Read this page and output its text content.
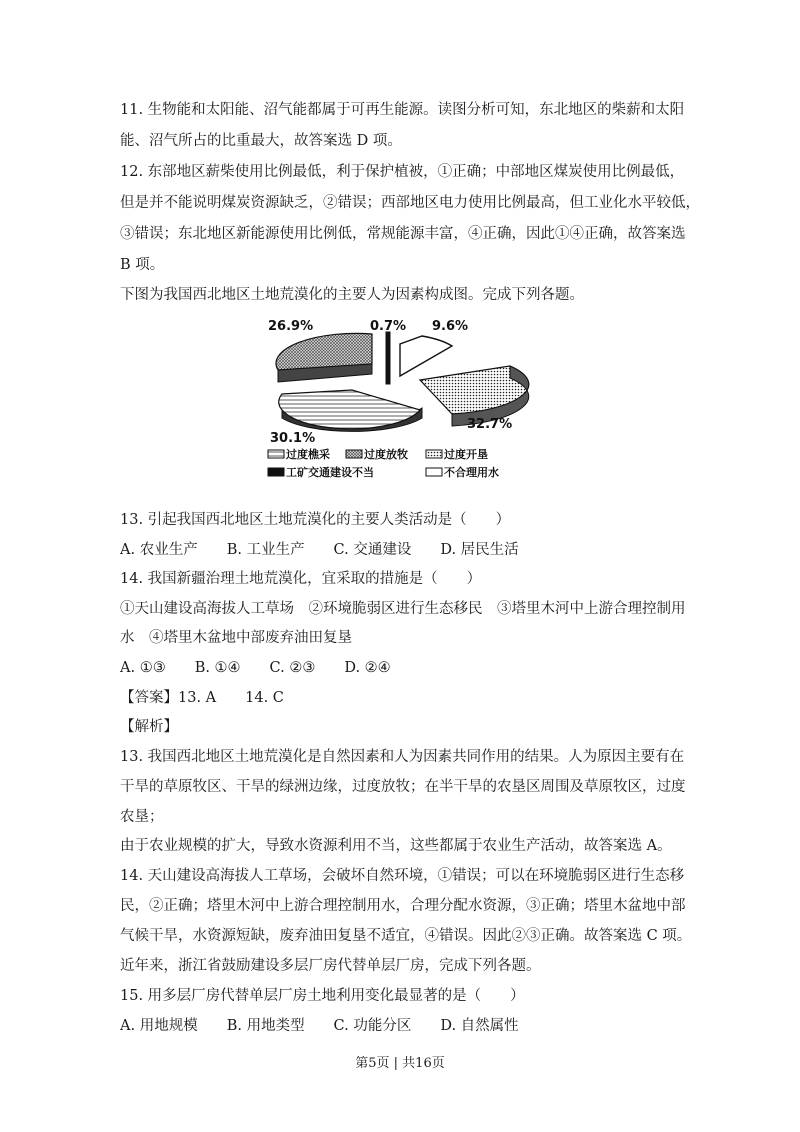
11. 生物能和太阳能、沼气能都属于可再生能源。读图分析可知，东北地区的柴薪和太阳
能、沼气所占的比重最大，故答案选 D 项。
12. 东部地区薪柴使用比例最低，利于保护植被，①正确；中部地区煤炭使用比例最低，
但是并不能说明煤炭资源缺乏，②错误；西部地区电力使用比例最高，但工业化水平较低，
③错误；东北地区新能源使用比例低，常规能源丰富，④正确，因此①④正确，故答案选
B 项。
下图为我国西北地区土地荒漠化的主要人为因素构成图。完成下列各题。
26.9%	0.7% 9.6%
32.7%
30.1%
过度樵采	过度放牧	过度开垦
工矿交通建设不当	不合理用水
13. 引起我国西北地区土地荒漠化的主要人类活动是（　　）
A. 农业生产　　B. 工业生产　　C. 交通建设　　D. 居民生活
14. 我国新疆治理土地荒漠化，宜采取的措施是（　　）
①天山建设高海拔人工草场　②环境脆弱区进行生态移民　③塔里木河中上游合理控制用
水　④塔里木盆地中部废弃油田复垦
A. ①③　　B. ①④　　C. ②③　　D. ②④
【答案】13. A　　14. C
【解析】
13. 我国西北地区土地荒漠化是自然因素和人为因素共同作用的结果。人为原因主要有在
干旱的草原牧区、干旱的绿洲边缘，过度放牧；在半干旱的农垦区周围及草原牧区，过度
农垦；
由于农业规模的扩大，导致水资源利用不当，这些都属于农业生产活动，故答案选 A。
14. 天山建设高海拔人工草场，会破坏自然环境，①错误；可以在环境脆弱区进行生态移
民，②正确；塔里木河中上游合理控制用水，合理分配水资源，③正确；塔里木盆地中部
气候干旱，水资源短缺，废弃油田复垦不适宜，④错误。因此②③正确。故答案选 C 项。
近年来，浙江省鼓励建设多层厂房代替单层厂房，完成下列各题。
15. 用多层厂房代替单层厂房土地利用变化最显著的是（　　）
A. 用地规模　　B. 用地类型　　C. 功能分区　　D. 自然属性
第5页 | 共16页
